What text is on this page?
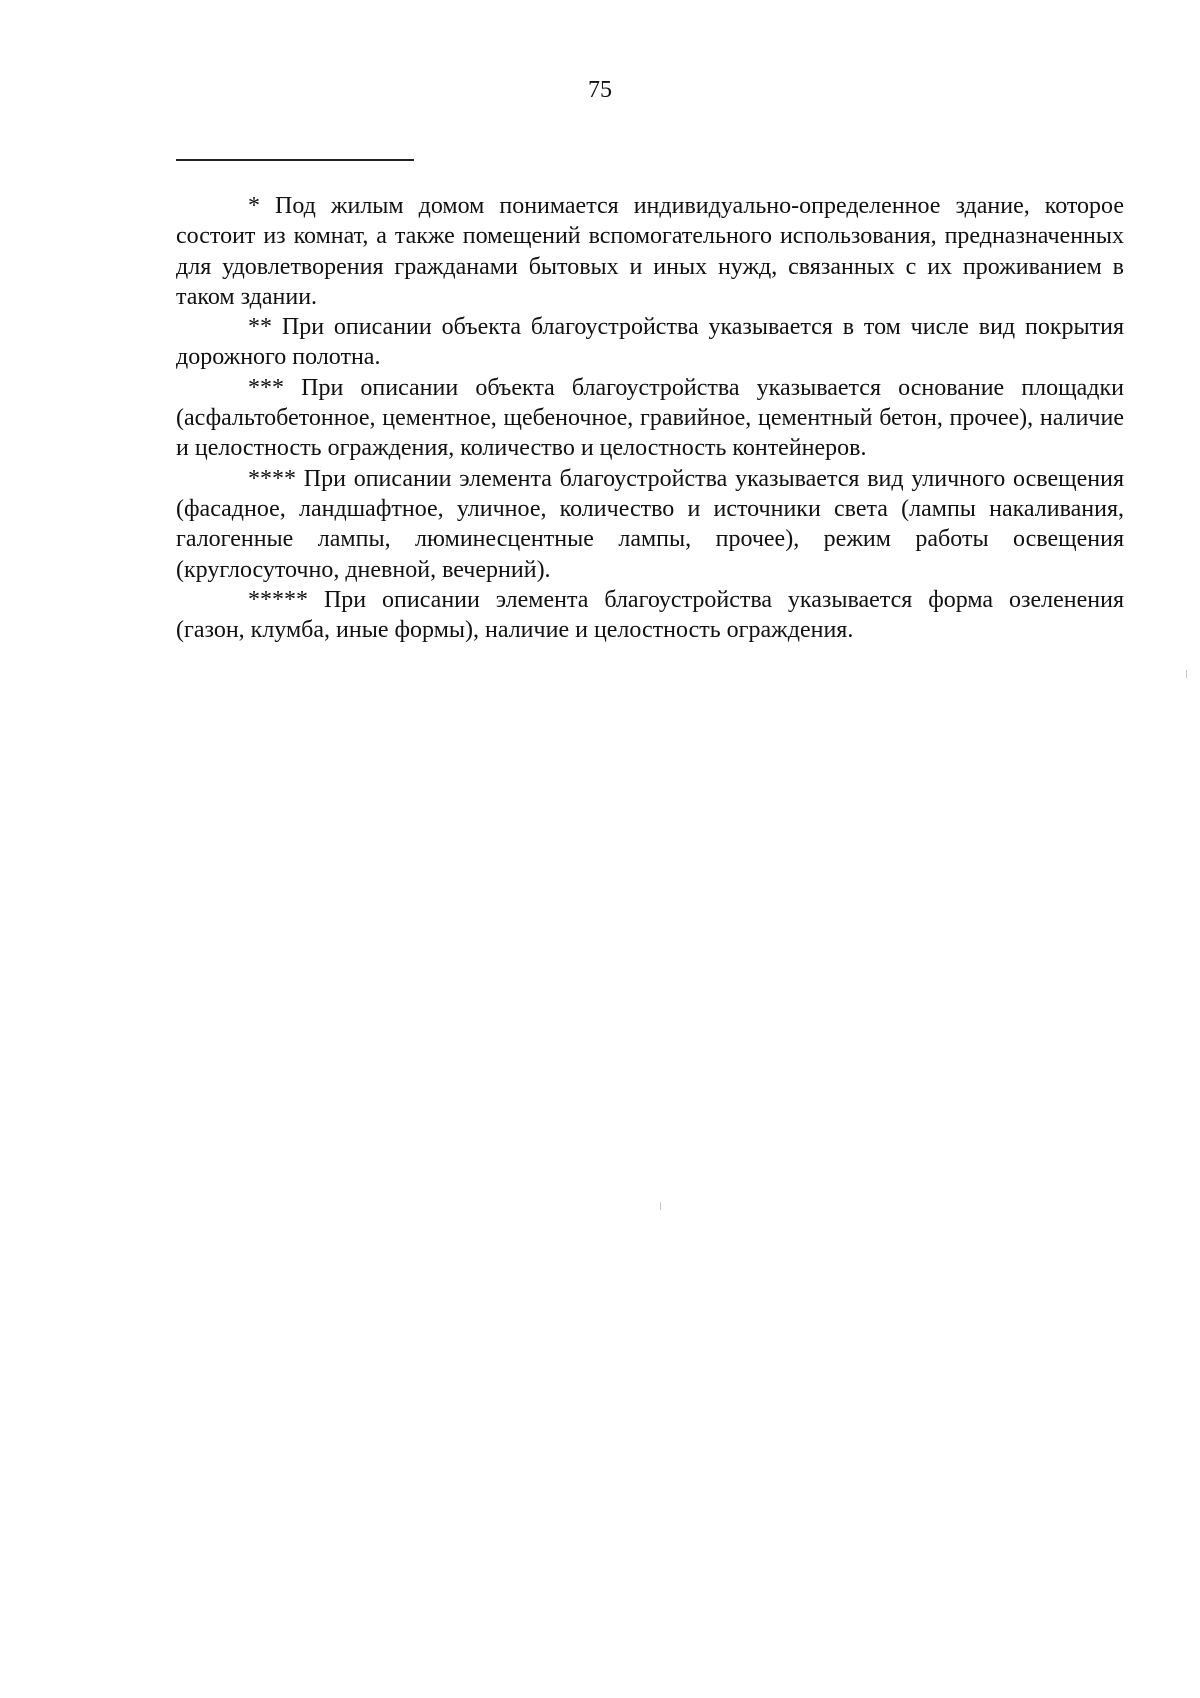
75

* Под жилым домом понимается индивидуально-определенное здание, которое состоит из комнат, а также помещений вспомогательного использования, предназначенных для удовлетворения гражданами бытовых и иных нужд, связанных с их проживанием в таком здании.

** При описании объекта благоустройства указывается в том числе вид покрытия дорожного полотна.

*** При описании объекта благоустройства указывается основание площадки (асфальтобетонное, цементное, щебеночное, гравийное, цементный бетон, прочее), наличие и целостность ограждения, количество и целостность контейнеров.

**** При описании элемента благоустройства указывается вид уличного освещения (фасадное, ландшафтное, уличное, количество и источники света (лампы накаливания, галогенные лампы, люминесцентные лампы, прочее), режим работы освещения (круглосуточно, дневной, вечерний).

***** При описании элемента благоустройства указывается форма озеленения (газон, клумба, иные формы), наличие и целостность ограждения.
